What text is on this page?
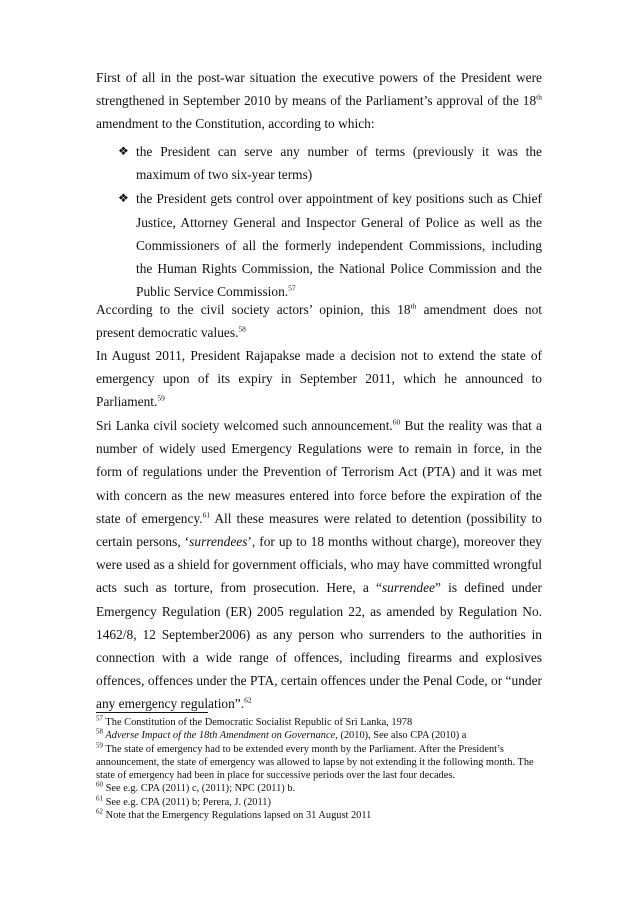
First of all in the post-war situation the executive powers of the President were strengthened in September 2010 by means of the Parliament’s approval of the 18th amendment to the Constitution, according to which:

❖ the President can serve any number of terms (previously it was the maximum of two six-year terms)

❖ the President gets control over appointment of key positions such as Chief Justice, Attorney General and Inspector General of Police as well as the Commissioners of all the formerly independent Commissions, including the Human Rights Commission, the National Police Commission and the Public Service Commission.$^{57}$

According to the civil society actors’ opinion, this 18th amendment does not present democratic values.$^{58}$

In August 2011, President Rajapakse made a decision not to extend the state of emergency upon of its expiry in September 2011, which he announced to Parliament.$^{59}$

Sri Lanka civil society welcomed such announcement.$^{60}$ But the reality was that a number of widely used Emergency Regulations were to remain in force, in the form of regulations under the Prevention of Terrorism Act (PTA) and it was met with concern as the new measures entered into force before the expiration of the state of emergency.$^{61}$ All these measures were related to detention (possibility to certain persons, ‘surrendees’, for up to 18 months without charge), moreover they were used as a shield for government officials, who may have committed wrongful acts such as torture, from prosecution. Here, a “surrendee” is defined under Emergency Regulation (ER) 2005 regulation 22, as amended by Regulation No. 1462/8, 12 September2006) as any person who surrenders to the authorities in connection with a wide range of offences, including firearms and explosives offences, offences under the PTA, certain offences under the Penal Code, or “under any emergency regulation”.$^{62}$

$^{57}$ The Constitution of the Democratic Socialist Republic of Sri Lanka, 1978

$^{58}$ Adverse Impact of the 18th Amendment on Governance, (2010), See also CPA (2010) a

$^{59}$ The state of emergency had to be extended every month by the Parliament. After the President’s announcement, the state of emergency was allowed to lapse by not extending it the following month. The state of emergency had been in place for successive periods over the last four decades.

$^{60}$ See e.g. CPA (2011) c, (2011); NPC (2011) b.

$^{61}$ See e.g. CPA (2011) b; Perera, J. (2011)

$^{62}$ Note that the Emergency Regulations lapsed on 31 August 2011
